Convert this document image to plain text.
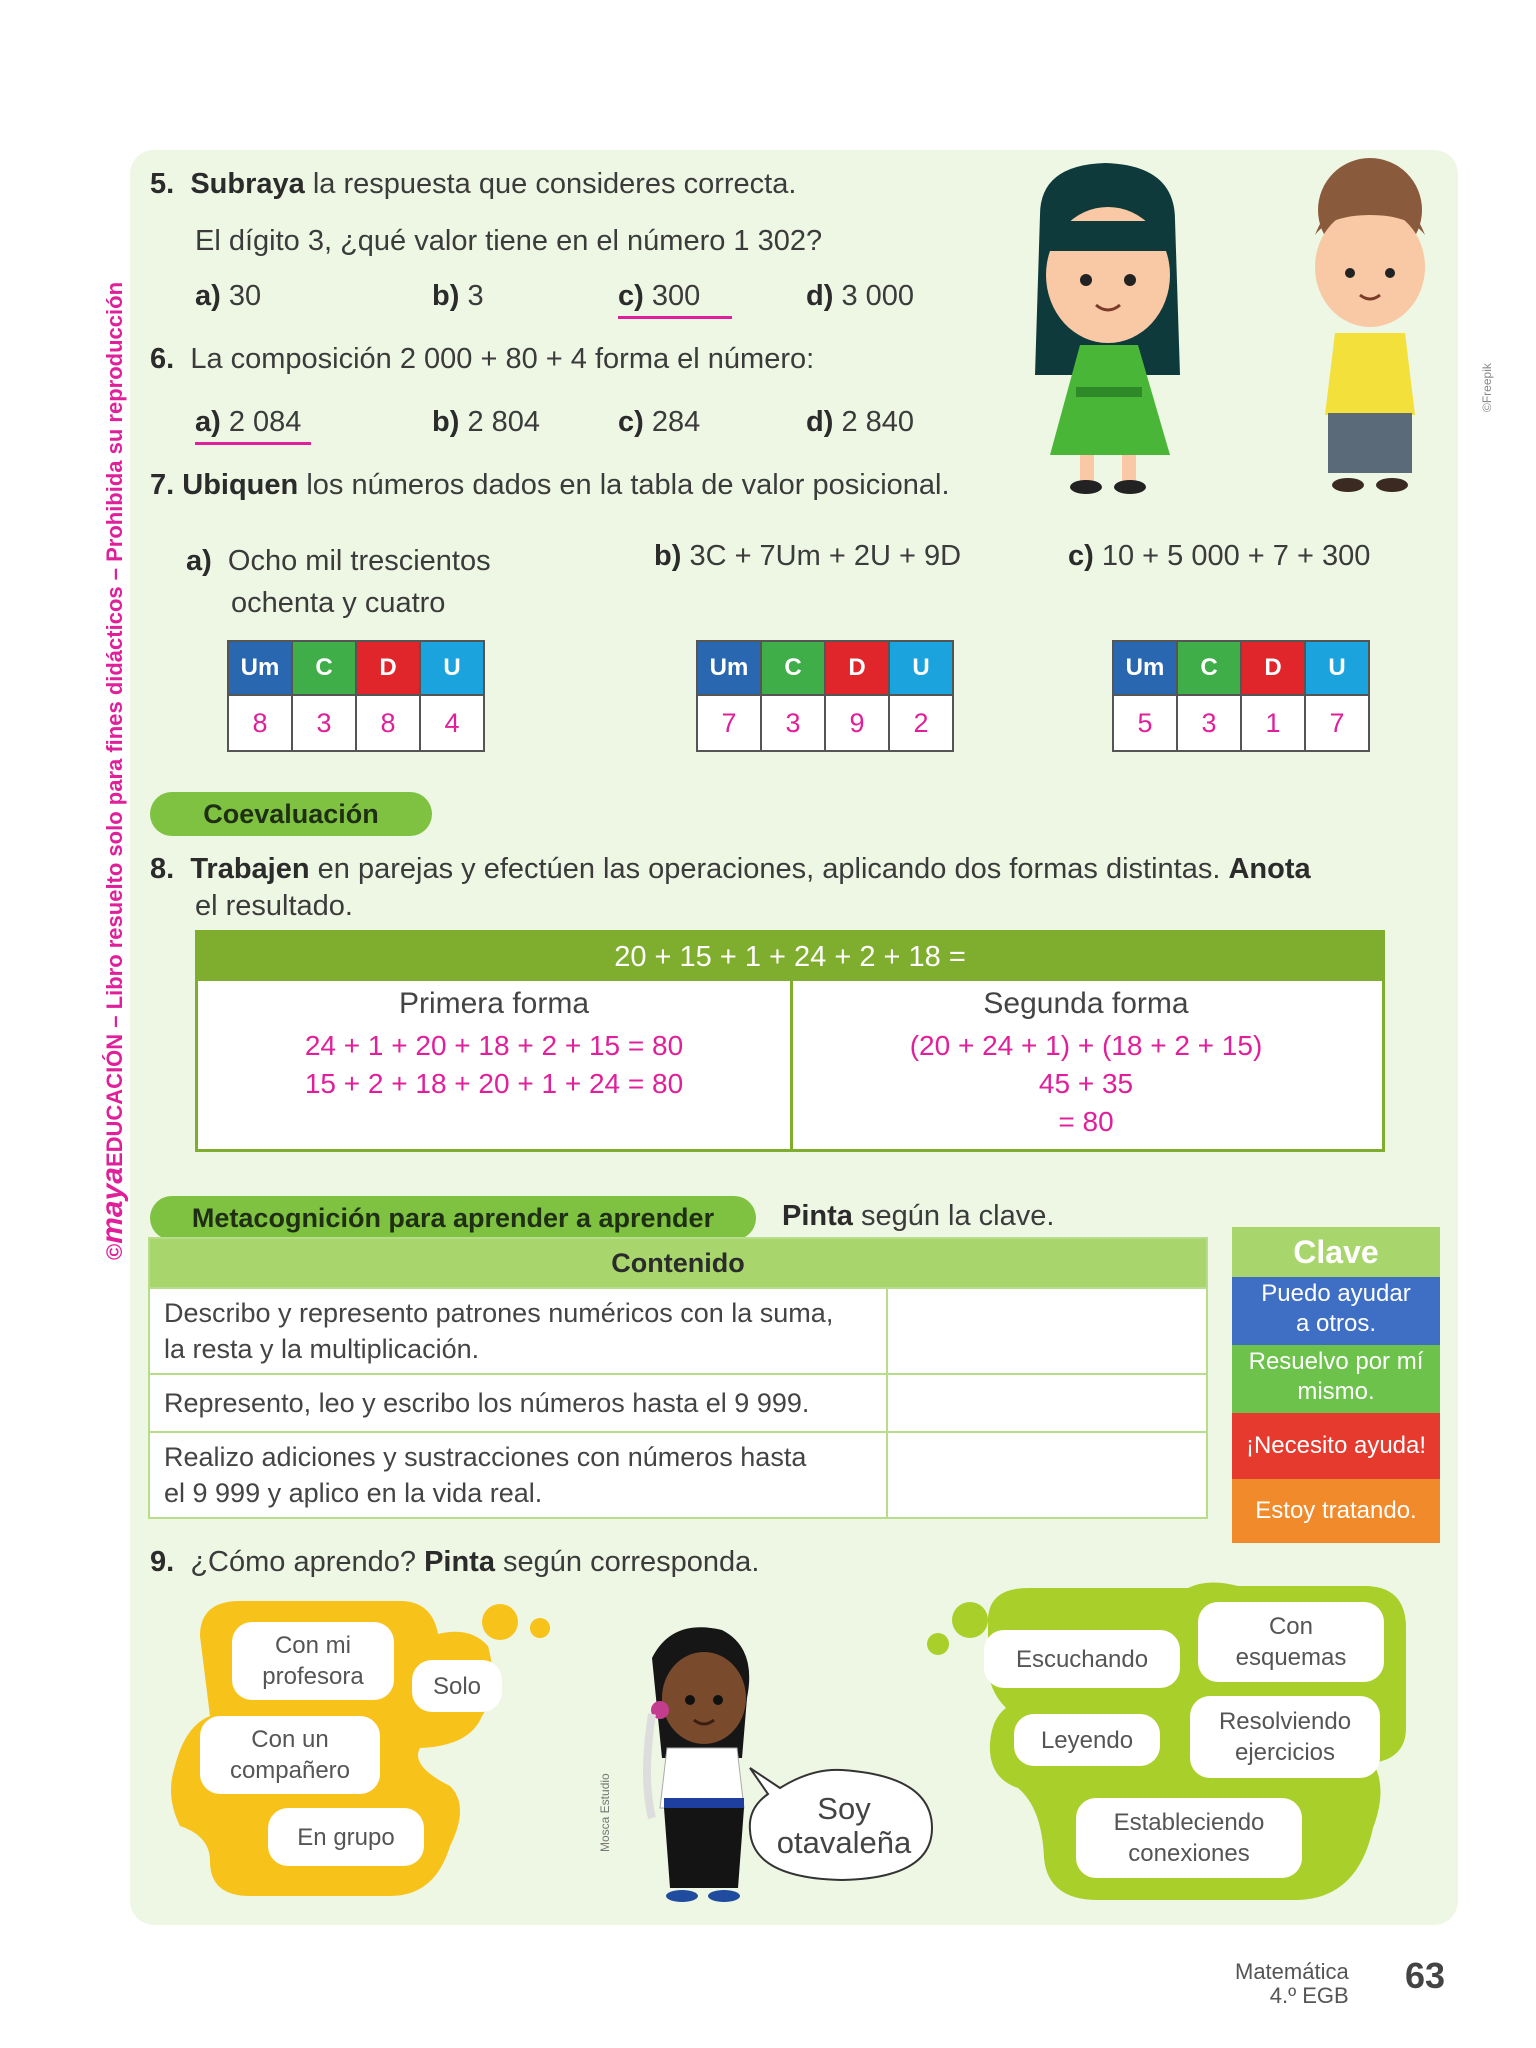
©mayaEDUCACIÓN – Libro resuelto solo para fines didácticos – Prohibida su reproducción	©Freepik
5. Subraya la respuesta que consideres correcta.
El dígito 3, ¿qué valor tiene en el número 1 302?
a) 30	b) 3	c) 300	d) 3 000
6. La composición 2 000 + 80 + 4 forma el número:
a) 2 084	b) 2 804	c) 284	d) 2 840
7. Ubiquen los números dados en la tabla de valor posicional.
a) Ocho mil trescientos
ochenta y cuatro
b) 3C + 7Um + 2U + 9D	c) 10 + 5 000 + 7 + 300
Um	C	D	U
8	3	8	4
Um	C	D	U
7	3	9	2
Um	C	D	U
5	3	1	7
Coevaluación
8. Trabajen en parejas y efectúen las operaciones, aplicando dos formas distintas. Anota
el resultado.
20 + 15 + 1 + 24 + 2 + 18 =
Primera forma
24 + 1 + 20 + 18 + 2 + 15 = 80
15 + 2 + 18 + 20 + 1 + 24 = 80
Segunda forma
(20 + 24 + 1) + (18 + 2 + 15)
45 + 35
= 80
Metacognición para aprender a aprender	Pinta según la clave.
Contenido	
Describo y represento patrones numéricos con la suma,
la resta y la multiplicación.	
Represento, leo y escribo los números hasta el 9 999.	
Realizo adiciones y sustracciones con números hasta
el 9 999 y aplico en la vida real.	
Clave
Puedo ayudar
a otros.
Resuelvo por mí
mismo.
¡Necesito ayuda!
Estoy tratando.
9. ¿Cómo aprendo? Pinta según corresponda.
Con mi
profesora	Solo
Con un
compañero
En grupo	Mosca Estudio	Soy
otavaleña
Escuchando
Con
esquemas
Leyendo
Resolviendo
ejercicios
Estableciendo
conexiones
Matemática
4.º EGB 63
